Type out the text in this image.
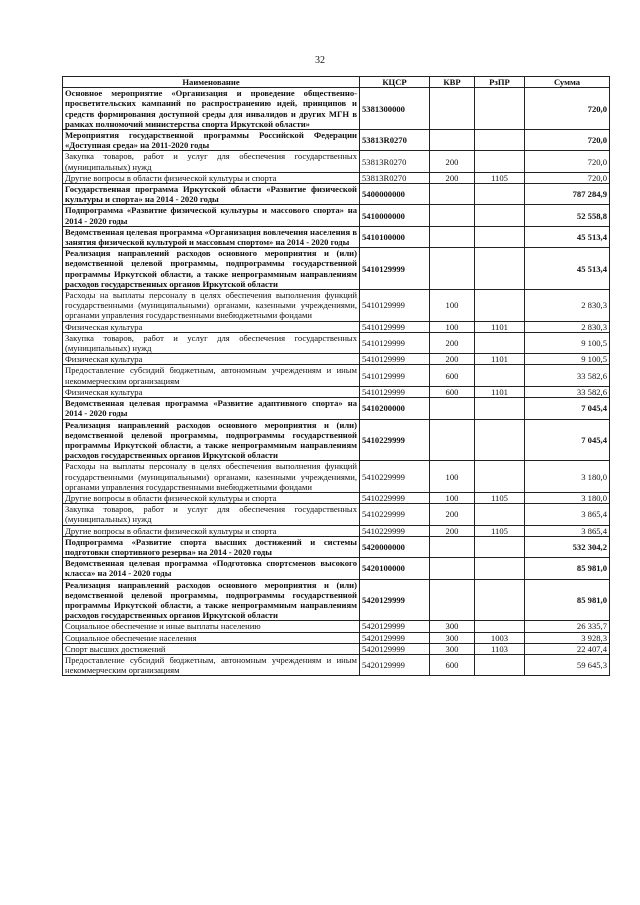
32
Наименование	КЦСР	КВР	РзПР	Сумма
Основное мероприятие «Организация и проведение общественно-просветительских кампаний по распространению идей, принципов и средств формирования доступной среды для инвалидов и других МГН в рамках полномочий министерства спорта Иркутской области»	5381300000			720,0
Мероприятия государственной программы Российской Федерации «Доступная среда» на 2011-2020 годы	53813R0270			720,0
Закупка товаров, работ и услуг для обеспечения государственных (муниципальных) нужд	53813R0270	200		720,0
Другие вопросы в области физической культуры и спорта	53813R0270	200	1105	720,0
Государственная программа Иркутской области «Развитие физической культуры и спорта» на 2014 - 2020 годы	5400000000			787 284,9
Подпрограмма «Развитие физической культуры и массового спорта» на 2014 - 2020 годы	5410000000			52 558,8
Ведомственная целевая программа «Организация вовлечения населения в занятия физической культурой и массовым спортом» на 2014 - 2020 годы	5410100000			45 513,4
Реализация направлений расходов основного мероприятия и (или) ведомственной целевой программы, подпрограммы государственной программы Иркутской области, а также непрограммным направлениям расходов государственных органов Иркутской области	5410129999			45 513,4
Расходы на выплаты персоналу в целях обеспечения выполнения функций государственными (муниципальными) органами, казенными учреждениями, органами управления государственными внебюджетными фондами	5410129999	100		2 830,3
Физическая культура	5410129999	100	1101	2 830,3
Закупка товаров, работ и услуг для обеспечения государственных (муниципальных) нужд	5410129999	200		9 100,5
Физическая культура	5410129999	200	1101	9 100,5
Предоставление субсидий бюджетным, автономным учреждениям и иным некоммерческим организациям	5410129999	600		33 582,6
Физическая культура	5410129999	600	1101	33 582,6
Ведомственная целевая программа «Развитие адаптивного спорта» на 2014 - 2020 годы	5410200000			7 045,4
Реализация направлений расходов основного мероприятия и (или) ведомственной целевой программы, подпрограммы государственной программы Иркутской области, а также непрограммным направлениям расходов государственных органов Иркутской области	5410229999			7 045,4
Расходы на выплаты персоналу в целях обеспечения выполнения функций государственными (муниципальными) органами, казенными учреждениями, органами управления государственными внебюджетными фондами	5410229999	100		3 180,0
Другие вопросы в области физической культуры и спорта	5410229999	100	1105	3 180,0
Закупка товаров, работ и услуг для обеспечения государственных (муниципальных) нужд	5410229999	200		3 865,4
Другие вопросы в области физической культуры и спорта	5410229999	200	1105	3 865,4
Подпрограмма «Развитие спорта высших достижений и системы подготовки спортивного резерва» на 2014 - 2020 годы	5420000000			532 304,2
Ведомственная целевая программа «Подготовка спортсменов высокого класса» на 2014 - 2020 годы	5420100000			85 981,0
Реализация направлений расходов основного мероприятия и (или) ведомственной целевой программы, подпрограммы государственной программы Иркутской области, а также непрограммным направлениям расходов государственных органов Иркутской области	5420129999			85 981,0
Социальное обеспечение и иные выплаты населению	5420129999	300		26 335,7
Социальное обеспечение населения	5420129999	300	1003	3 928,3
Спорт высших достижений	5420129999	300	1103	22 407,4
Предоставление субсидий бюджетным, автономным учреждениям и иным некоммерческим организациям	5420129999	600		59 645,3
